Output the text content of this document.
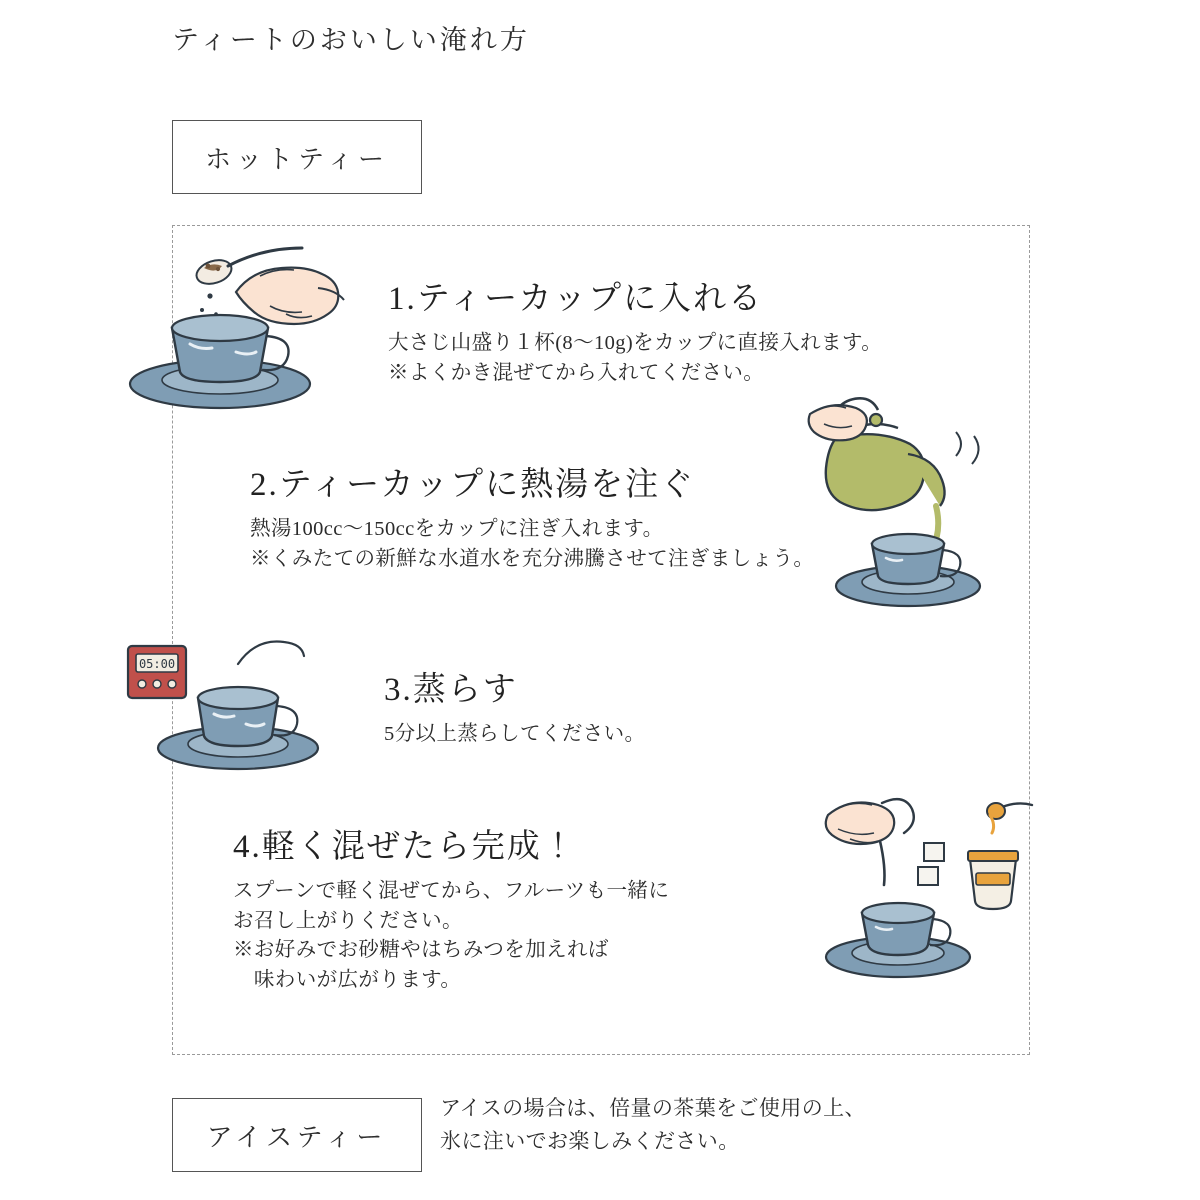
ティートのおいしい淹れ方
ホットティー
1.ティーカップに入れる
大さじ山盛り１杯(8〜10g)をカップに直接入れます。
※よくかき混ぜてから入れてください。
2.ティーカップに熱湯を注ぐ
熱湯100cc〜150ccをカップに注ぎ入れます。
※くみたての新鮮な水道水を充分沸騰させて注ぎましょう。
05:00
3.蒸らす
5分以上蒸らしてください。
4.軽く混ぜたら完成！
スプーンで軽く混ぜてから、フルーツも一緒に
お召し上がりください。
※お好みでお砂糖やはちみつを加えれば
　味わいが広がります。
アイスティー
アイスの場合は、倍量の茶葉をご使用の上、
氷に注いでお楽しみください。
